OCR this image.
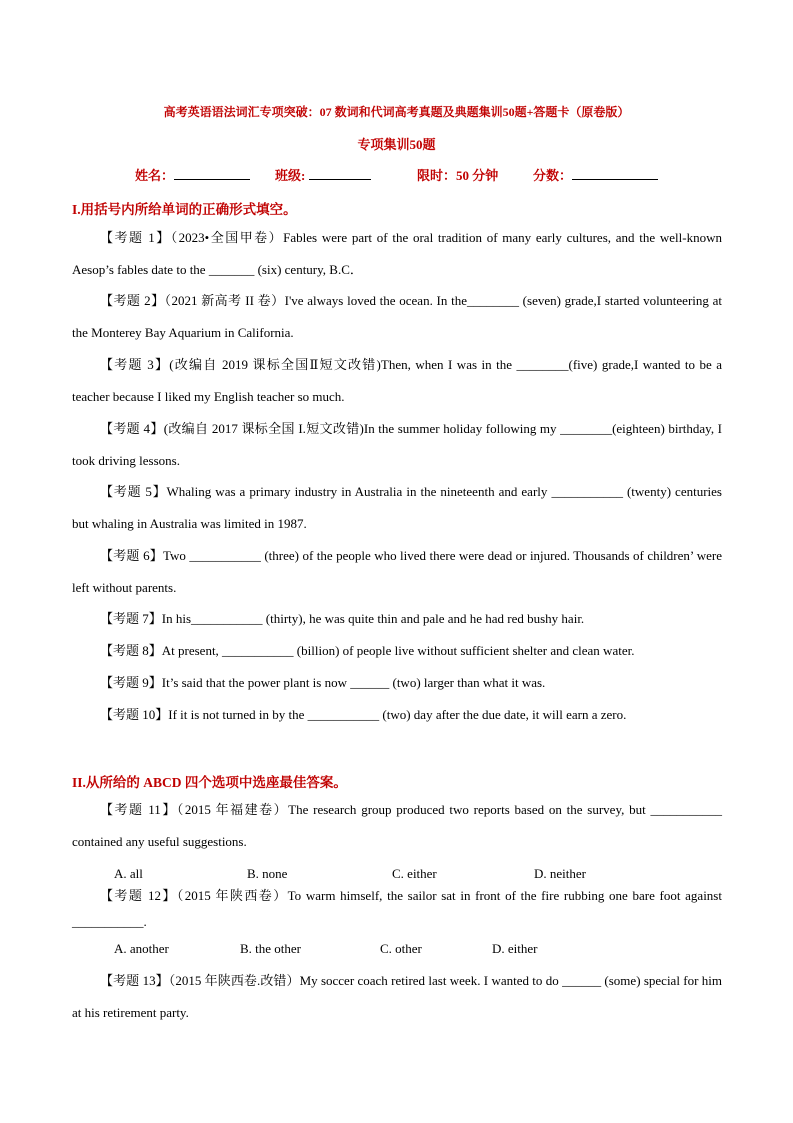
高考英语语法词汇专项突破：07 数词和代词高考真题及典题集训50题+答题卡（原卷版）
专项集训50题
姓名：	班级:	限时：50 分钟	分数：
I.用括号内所给单词的正确形式填空。
【考题 1】（2023•全国甲卷）Fables were part of the oral tradition of many early cultures, and the well-known Aesop’s fables date to the _______ (six) century, B.C．
【考题 2】（2021 新高考 II 卷）I've always loved the ocean. In the________ (seven) grade,I started volunteering at the Monterey Bay Aquarium in California.
【考题 3】(改编自 2019 课标全国Ⅱ短文改错)Then, when I was in the ________(five) grade,I wanted to be a teacher because I liked my English teacher so much.
【考题 4】(改编自 2017 课标全国 I.短文改错)In the summer holiday following my ________(eighteen) birthday, I took driving lessons.
【考题 5】Whaling was a primary industry in Australia in the nineteenth and early ___________ (twenty) centuries but whaling in Australia was limited in 1987.
【考题 6】Two ___________ (three) of the people who lived there were dead or injured. Thousands of children’ were left without parents.
【考题 7】In his___________ (thirty), he was quite thin and pale and he had red bushy hair.
【考题 8】At present, ___________ (billion) of people live without sufficient shelter and clean water.
【考题 9】It’s said that the power plant is now ______ (two) larger than what it was.
【考题 10】If it is not turned in by the ___________ (two) day after the due date, it will earn a zero.
II.从所给的 ABCD 四个选项中选座最佳答案。
【考题 11】（2015 年福建卷）The research group produced two reports based on the survey, but ___________ contained any useful suggestions.
A. all	B. none	C. either	D. neither
【考题 12】（2015 年陕西卷）To warm himself, the sailor sat in front of the fire rubbing one bare foot against ___________.
A. another	B. the other	C. other	D. either
【考题 13】（2015 年陕西卷.改错）My soccer coach retired last week. I wanted to do ______ (some) special for him at his retirement party.
